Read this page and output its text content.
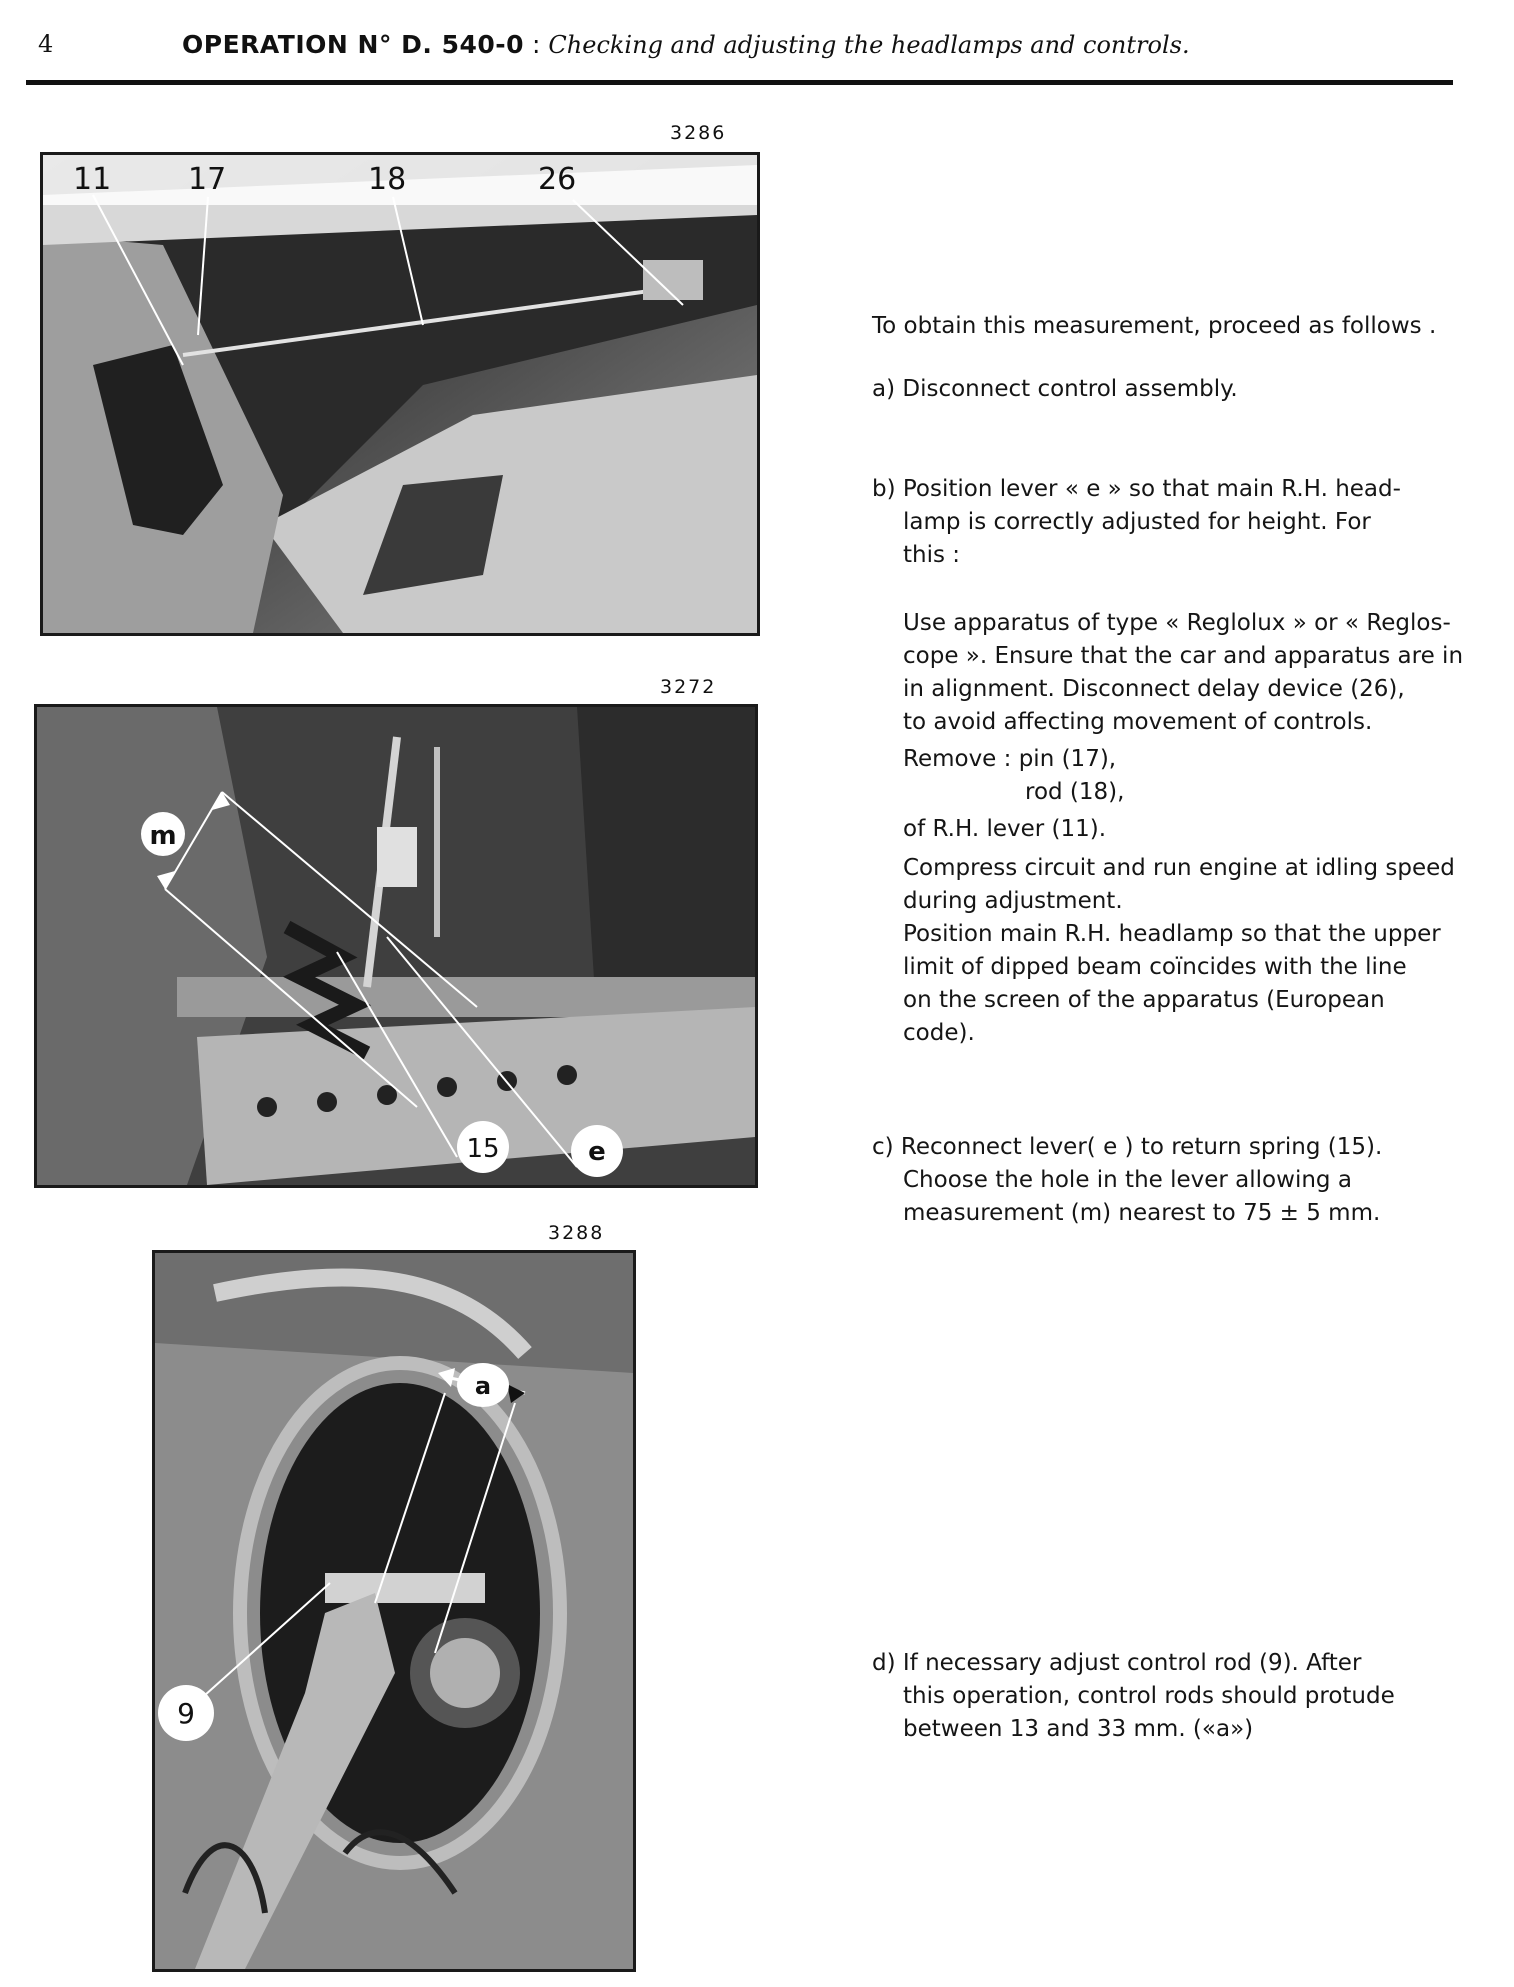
4	OPERATION N° D. 540-0 : Checking and adjusting the headlamps and controls.
3286
11	17	18	26
3272
m
15	e
3288
a
9

To obtain this measurement, proceed as follows .

a) Disconnect control assembly.

b) Position lever « e » so that main R.H. head-

lamp is correctly adjusted for height. For

this :

Use apparatus of type « Reglolux » or « Reglos-

cope ». Ensure that the car and apparatus are in

in alignment. Disconnect delay device (26),

to avoid affecting movement of controls.

Remove : pin (17),

rod (18),

of R.H. lever (11).

Compress circuit and run engine at idling speed

during adjustment.

Position main R.H. headlamp so that the upper

limit of dipped beam coïncides with the line

on the screen of the apparatus (European

code).

c) Reconnect lever( e ) to return spring (15).

Choose the hole in the lever allowing a

measurement (m) nearest to 75 ± 5 mm.

d) If necessary adjust control rod (9). After

this operation, control rods should protude

between 13 and 33 mm. («a»)
